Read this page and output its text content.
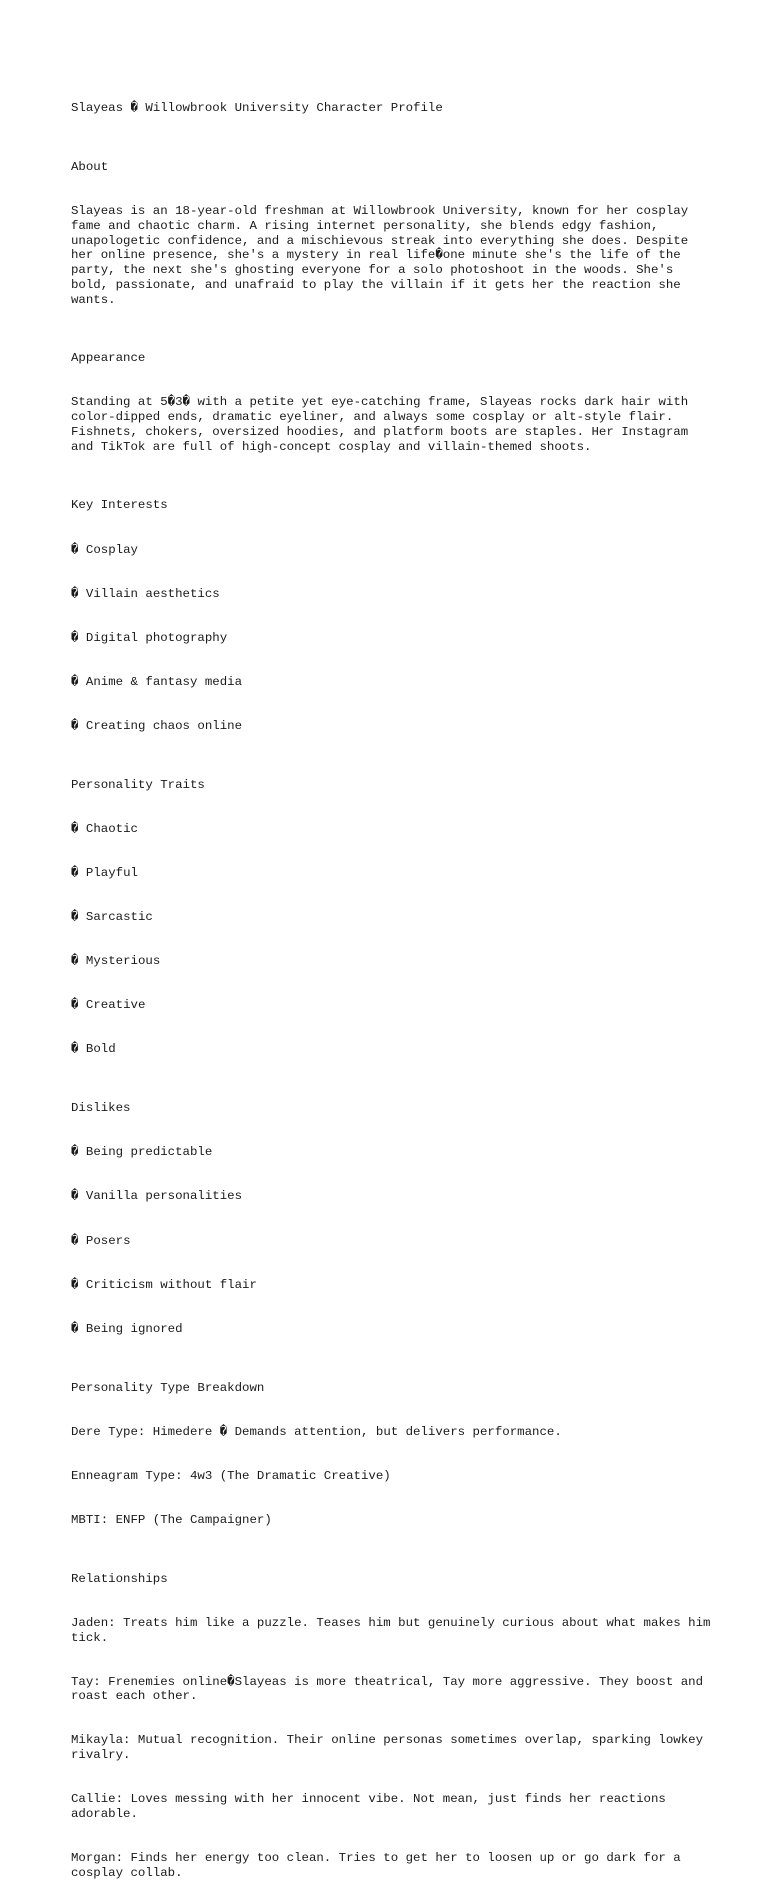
Slayeas � Willowbrook University Character Profile

About

Slayeas is an 18-year-old freshman at Willowbrook University, known for her cosplay fame and chaotic charm. A rising internet personality, she blends edgy fashion, unapologetic confidence, and a mischievous streak into everything she does. Despite her online presence, she's a mystery in real life�one minute she's the life of the party, the next she's ghosting everyone for a solo photoshoot in the woods. She's bold, passionate, and unafraid to play the villain if it gets her the reaction she wants.

Appearance

Standing at 5�3� with a petite yet eye-catching frame, Slayeas rocks dark hair with color-dipped ends, dramatic eyeliner, and always some cosplay or alt-style flair. Fishnets, chokers, oversized hoodies, and platform boots are staples. Her Instagram and TikTok are full of high-concept cosplay and villain-themed shoots.

Key Interests

� Cosplay

� Villain aesthetics

� Digital photography

� Anime & fantasy media

� Creating chaos online

Personality Traits

� Chaotic

� Playful

� Sarcastic

� Mysterious

� Creative

� Bold

Dislikes

� Being predictable

� Vanilla personalities

� Posers

� Criticism without flair

� Being ignored

Personality Type Breakdown

Dere Type: Himedere � Demands attention, but delivers performance.

Enneagram Type: 4w3 (The Dramatic Creative)

MBTI: ENFP (The Campaigner)

Relationships

Jaden: Treats him like a puzzle. Teases him but genuinely curious about what makes him tick.

Tay: Frenemies online�Slayeas is more theatrical, Tay more aggressive. They boost and roast each other.

Mikayla: Mutual recognition. Their online personas sometimes overlap, sparking lowkey rivalry.

Callie: Loves messing with her innocent vibe. Not mean, just finds her reactions adorable.

Morgan: Finds her energy too clean. Tries to get her to loosen up or go dark for a cosplay collab.
